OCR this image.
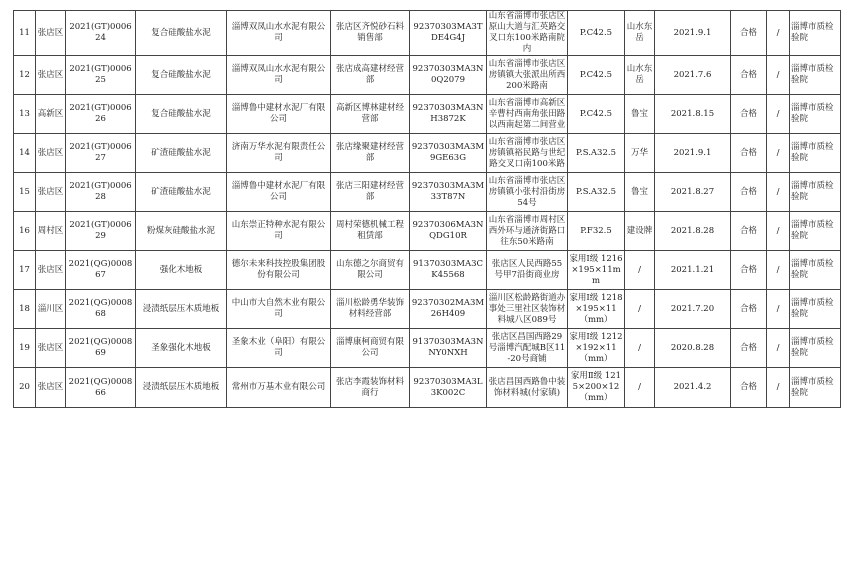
11	张店区	2021(GT)000624	复合硅酸盐水泥	淄博双凤山水水泥有限公司	张店区齐悦砂石料销售部	92370303MA3TDE4G4J	山东省淄博市张店区原山大道与汇英路交叉口东100米路南院内	P.C42.5	山水东岳	2021.9.1	合格	/	淄博市质检验院
12	张店区	2021(GT)000625	复合硅酸盐水泥	淄博双凤山水水泥有限公司	张店成高建材经营部	92370303MA3N0Q2079	山东省淄博市张店区房镇镇大张派出所西200米路南	P.C42.5	山水东岳	2021.7.6	合格	/	淄博市质检验院
13	高新区	2021(GT)000626	复合硅酸盐水泥	淄博鲁中建材水泥厂有限公司	高新区博林建材经营部	92370303MA3NH3872K	山东省淄博市高新区辛曹村西南角张田路以西南起第二间营业	P.C42.5	鲁宝	2021.8.15	合格	/	淄博市质检验院
14	张店区	2021(GT)000627	矿渣硅酸盐水泥	济南万华水泥有限责任公司	张店缘聚建材经营部	92370303MA3M9GE63G	山东省淄博市张店区房镇镇裕民路与世纪路交叉口南100米路	P.S.A32.5	万华	2021.9.1	合格	/	淄博市质检验院
15	张店区	2021(GT)000628	矿渣硅酸盐水泥	淄博鲁中建材水泥厂有限公司	张店三阳建材经营部	92370303MA3M33T87N	山东省淄博市张店区房镇镇小张村沿街房54号	P.S.A32.5	鲁宝	2021.8.27	合格	/	淄博市质检验院
16	周村区	2021(GT)000629	粉煤灰硅酸盐水泥	山东崇正特种水泥有限公司	周村荣德机械工程租赁部	92370306MA3NQDG10R	山东省淄博市周村区西外环与通济街路口往东50米路南	P.F32.5	建设牌	2021.8.28	合格	/	淄博市质检验院
17	张店区	2021(QG)000867	强化木地板	德尔未来科技控股集团股份有限公司	山东德之尔商贸有限公司	91370303MA3CK45568	张店区人民西路55号甲7沿街商业房	家用Ⅰ级 1216×195×11mm	/	2021.1.21	合格	/	淄博市质检验院
18	淄川区	2021(QG)000868	浸渍纸层压木质地板	中山市大自然木业有限公司	淄川松龄勇华装饰材料经营部	92370302MA3M26H409	淄川区松龄路街道办事处三里社区装饰材料城八区089号	家用Ⅰ级 1218×195×11（mm）	/	2021.7.20	合格	/	淄博市质检验院
19	张店区	2021(QG)000869	圣象强化木地板	圣象木业（阜阳）有限公司	淄博康柯商贸有限公司	91370303MA3NNY0NXH	张店区昌国西路29号淄博汽配城B区11-20号商铺	家用Ⅰ级 1212×192×11（mm）	/	2020.8.28	合格	/	淄博市质检验院
20	张店区	2021(QG)000866	浸渍纸层压木质地板	常州市万基木业有限公司	张店李霞装饰材料商行	92370303MA3L3K002C	张店昌国西路鲁中装饰材料城(付家镇)	家用Ⅱ级 1215×200×12（mm）	/	2021.4.2	合格	/	淄博市质检验院
